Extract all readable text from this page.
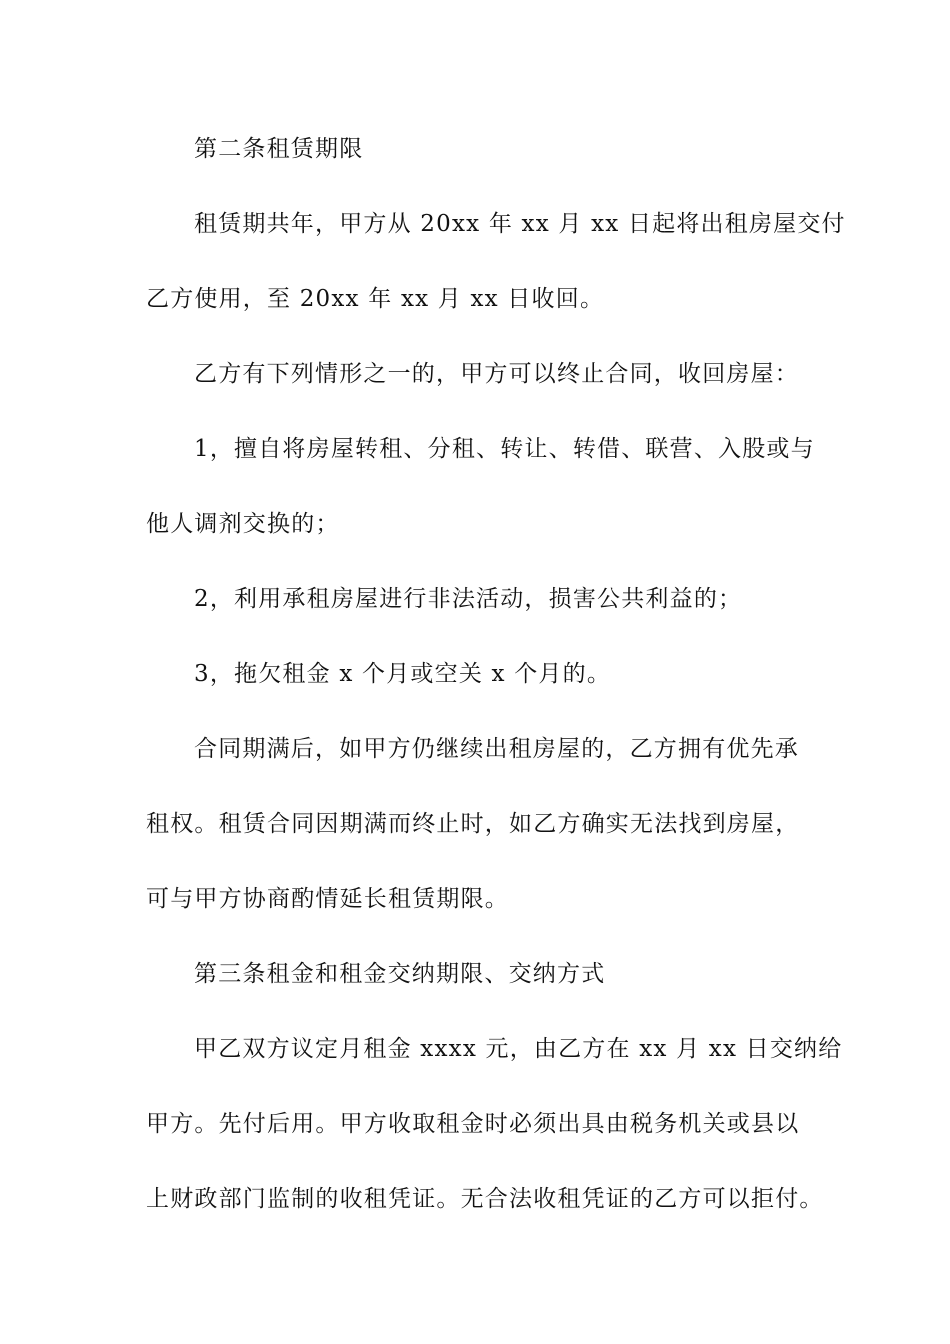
第二条租赁期限
租赁期共年，甲方从 20xx 年 xx 月 xx 日起将出租房屋交付
乙方使用，至 20xx 年 xx 月 xx 日收回。
乙方有下列情形之一的，甲方可以终止合同，收回房屋：
1，擅自将房屋转租、分租、转让、转借、联营、入股或与
他人调剂交换的；
2，利用承租房屋进行非法活动，损害公共利益的；
3，拖欠租金 x 个月或空关 x 个月的。
合同期满后，如甲方仍继续出租房屋的，乙方拥有优先承
租权。租赁合同因期满而终止时，如乙方确实无法找到房屋，
可与甲方协商酌情延长租赁期限。
第三条租金和租金交纳期限、交纳方式
甲乙双方议定月租金 xxxx 元，由乙方在 xx 月 xx 日交纳给
甲方。先付后用。甲方收取租金时必须出具由税务机关或县以
上财政部门监制的收租凭证。无合法收租凭证的乙方可以拒付。
